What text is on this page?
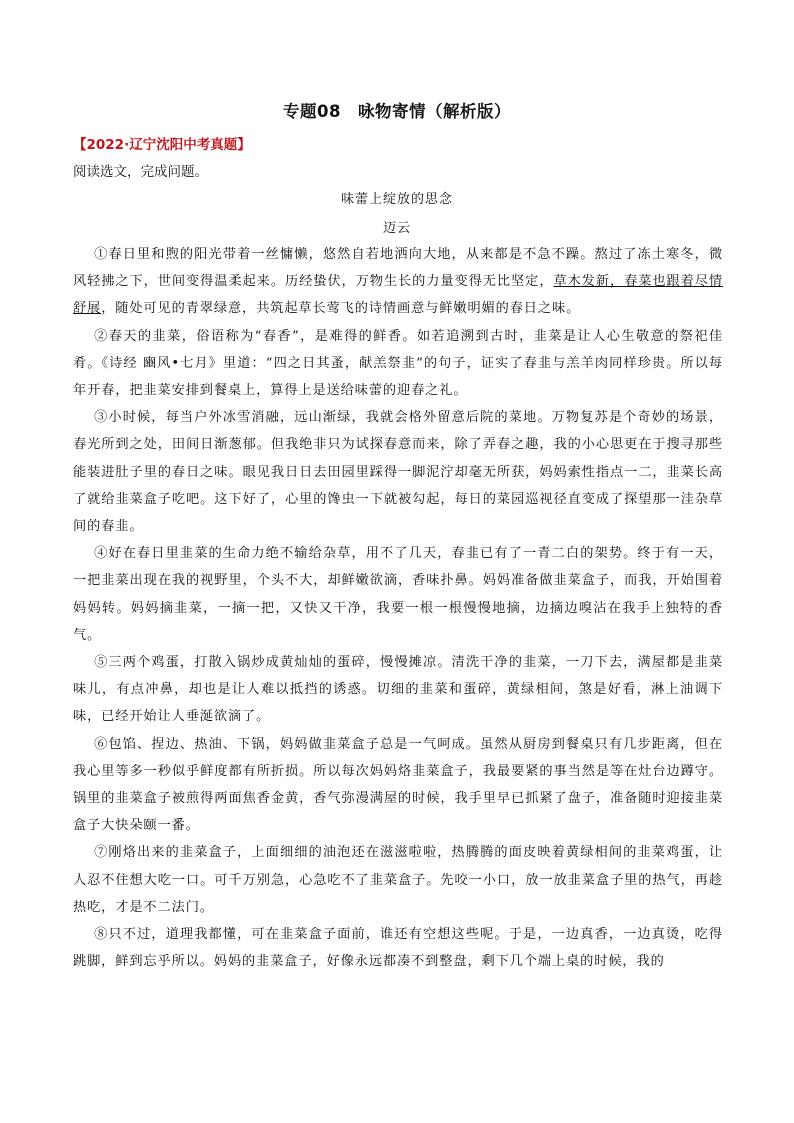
专题08　咏物寄情（解析版）
【2022·辽宁沈阳中考真题】
阅读选文，完成问题。
味蕾上绽放的思念
迈云

①春日里和煦的阳光带着一丝慵懒，悠然自若地洒向大地，从来都是不急不躁。熬过了冻土寒冬，微风轻拂之下，世间变得温柔起来。历经蛰伏，万物生长的力量变得无比坚定，草木发新，春菜也跟着尽情舒展，随处可见的青翠绿意，共筑起草长莺飞的诗情画意与鲜嫩明媚的春日之味。

②春天的韭菜，俗语称为“春香”，是难得的鲜香。如若追溯到古时，韭菜是让人心生敬意的祭祀佳肴。《诗经 豳风•七月》里道：“四之日其蚤，献羔祭韭”的句子，证实了春韭与羔羊肉同样珍贵。所以每年开春，把韭菜安排到餐桌上，算得上是送给味蕾的迎春之礼。

③小时候，每当户外冰雪消融，远山渐绿，我就会格外留意后院的菜地。万物复苏是个奇妙的场景，春光所到之处，田间日渐葱郁。但我绝非只为试探春意而来，除了弄春之趣，我的小心思更在于搜寻那些能装进肚子里的春日之味。眼见我日日去田园里踩得一脚泥泞却毫无所获，妈妈索性指点一二，韭菜长高了就给韭菜盒子吃吧。这下好了，心里的馋虫一下就被勾起，每日的菜园巡视径直变成了探望那一洼杂草间的春韭。

④好在春日里韭菜的生命力绝不输给杂草，用不了几天，春韭已有了一青二白的架势。终于有一天，一把韭菜出现在我的视野里，个头不大，却鲜嫩欲滴，香味扑鼻。妈妈准备做韭菜盒子，而我，开始围着妈妈转。妈妈摘韭菜，一摘一把，又快又干净，我要一根一根慢慢地摘，边摘边嗅沾在我手上独特的香气。

⑤三两个鸡蛋，打散入锅炒成黄灿灿的蛋碎，慢慢摊凉。清洗干净的韭菜，一刀下去，满屋都是韭菜味儿，有点冲鼻，却也是让人难以抵挡的诱惑。切细的韭菜和蛋碎，黄绿相间，煞是好看，淋上油调下味，已经开始让人垂涎欲滴了。

⑥包馅、捏边、热油、下锅，妈妈做韭菜盒子总是一气呵成。虽然从厨房到餐桌只有几步距离，但在我心里等多一秒似乎鲜度都有所折损。所以每次妈妈烙韭菜盒子，我最要紧的事当然是等在灶台边蹲守。锅里的韭菜盒子被煎得两面焦香金黄，香气弥漫满屋的时候，我手里早已抓紧了盘子，准备随时迎接韭菜盒子大快朵颐一番。

⑦刚烙出来的韭菜盒子，上面细细的油泡还在滋滋啦啦，热腾腾的面皮映着黄绿相间的韭菜鸡蛋，让人忍不住想大吃一口。可千万别急，心急吃不了韭菜盒子。先咬一小口，放一放韭菜盒子里的热气，再趁热吃，才是不二法门。

⑧只不过，道理我都懂，可在韭菜盒子面前，谁还有空想这些呢。于是，一边真香，一边真烫，吃得跳脚，鲜到忘乎所以。妈妈的韭菜盒子，好像永远都凑不到整盘，剩下几个端上桌的时候，我的
